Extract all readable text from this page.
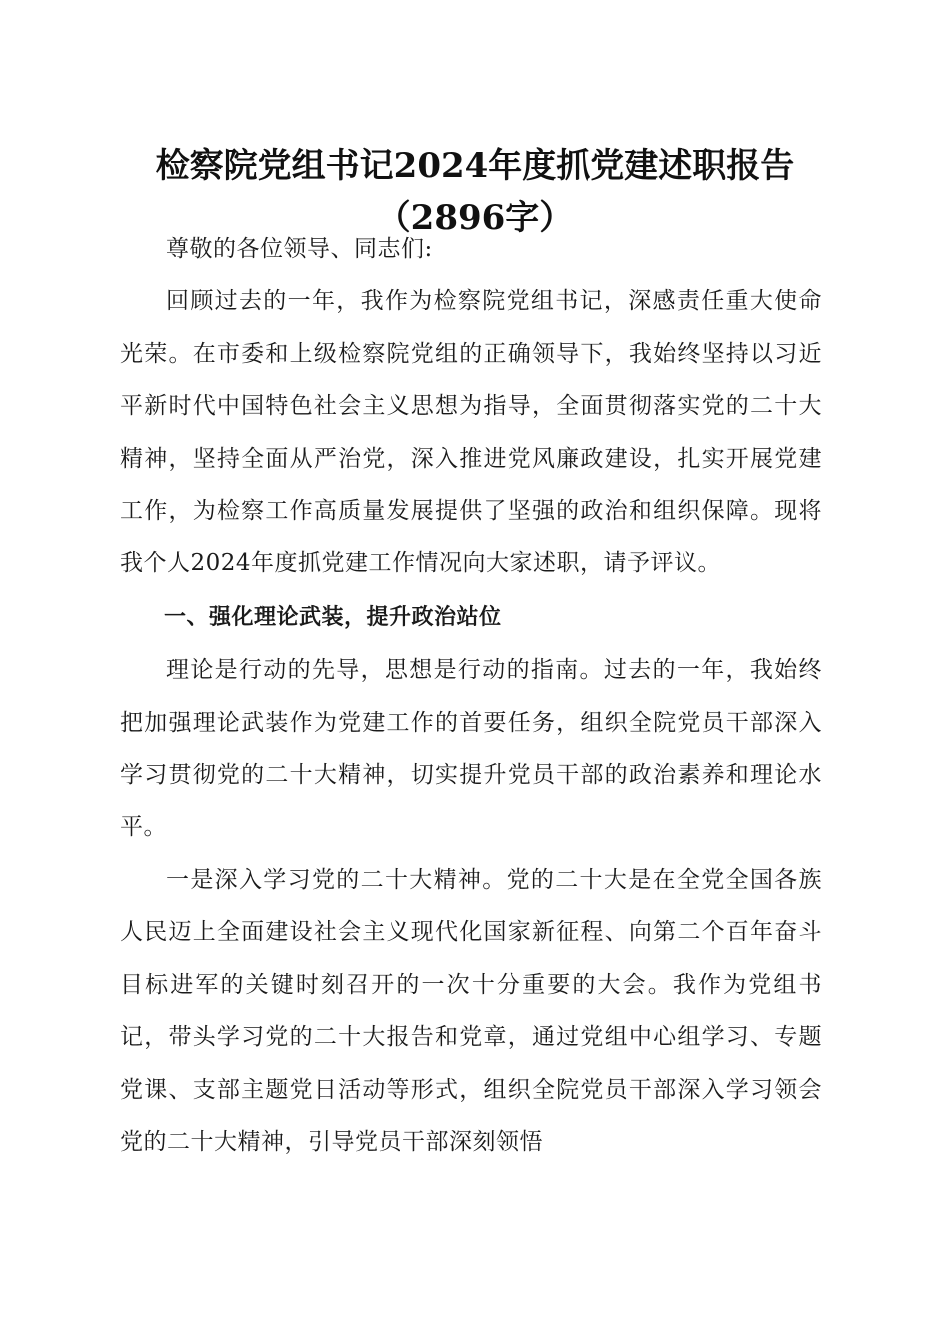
检察院党组书记2024年度抓党建述职报告
（2896字）

尊敬的各位领导、同志们:

回顾过去的一年，我作为检察院党组书记，深感责任重大使命光荣。在市委和上级检察院党组的正确领导下，我始终坚持以习近平新时代中国特色社会主义思想为指导，全面贯彻落实党的二十大精神，坚持全面从严治党，深入推进党风廉政建设，扎实开展党建工作，为检察工作高质量发展提供了坚强的政治和组织保障。现将我个人2024年度抓党建工作情况向大家述职，请予评议。

一、强化理论武装，提升政治站位

理论是行动的先导，思想是行动的指南。过去的一年，我始终把加强理论武装作为党建工作的首要任务，组织全院党员干部深入学习贯彻党的二十大精神，切实提升党员干部的政治素养和理论水平。

一是深入学习党的二十大精神。党的二十大是在全党全国各族人民迈上全面建设社会主义现代化国家新征程、向第二个百年奋斗目标进军的关键时刻召开的一次十分重要的大会。我作为党组书记，带头学习党的二十大报告和党章，通过党组中心组学习、专题党课、支部主题党日活动等形式，组织全院党员干部深入学习领会党的二十大精神，引导党员干部深刻领悟
